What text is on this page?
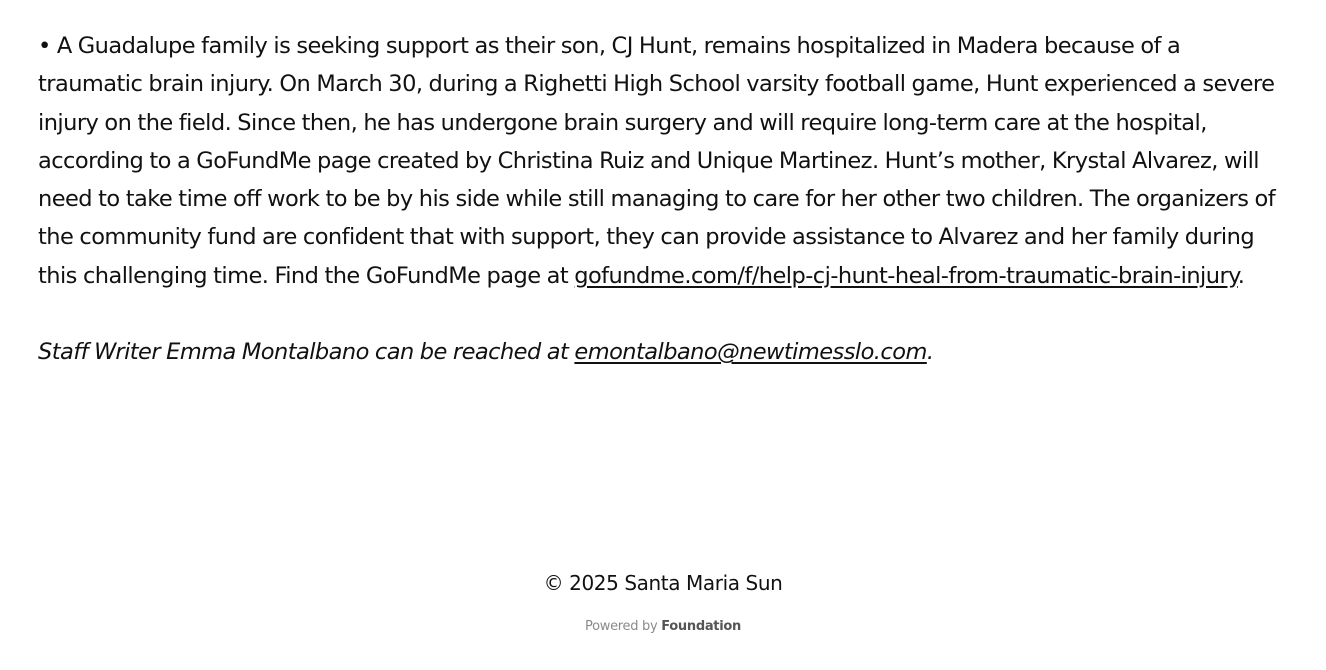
• A Guadalupe family is seeking support as their son, CJ Hunt, remains hospitalized in Madera because of a traumatic brain injury. On March 30, during a Righetti High School varsity football game, Hunt experienced a severe injury on the field. Since then, he has undergone brain surgery and will require long-term care at the hospital, according to a GoFundMe page created by Christina Ruiz and Unique Martinez. Hunt’s mother, Krystal Alvarez, will need to take time off work to be by his side while still managing to care for her other two children. The organizers of the community fund are confident that with support, they can provide assistance to Alvarez and her family during this challenging time. Find the GoFundMe page at gofundme.com/f/help-cj-hunt-heal-from-traumatic-brain-injury.

Staff Writer Emma Montalbano can be reached at emontalbano@newtimesslo.com.

© 2025 Santa Maria Sun
Powered by Foundation
